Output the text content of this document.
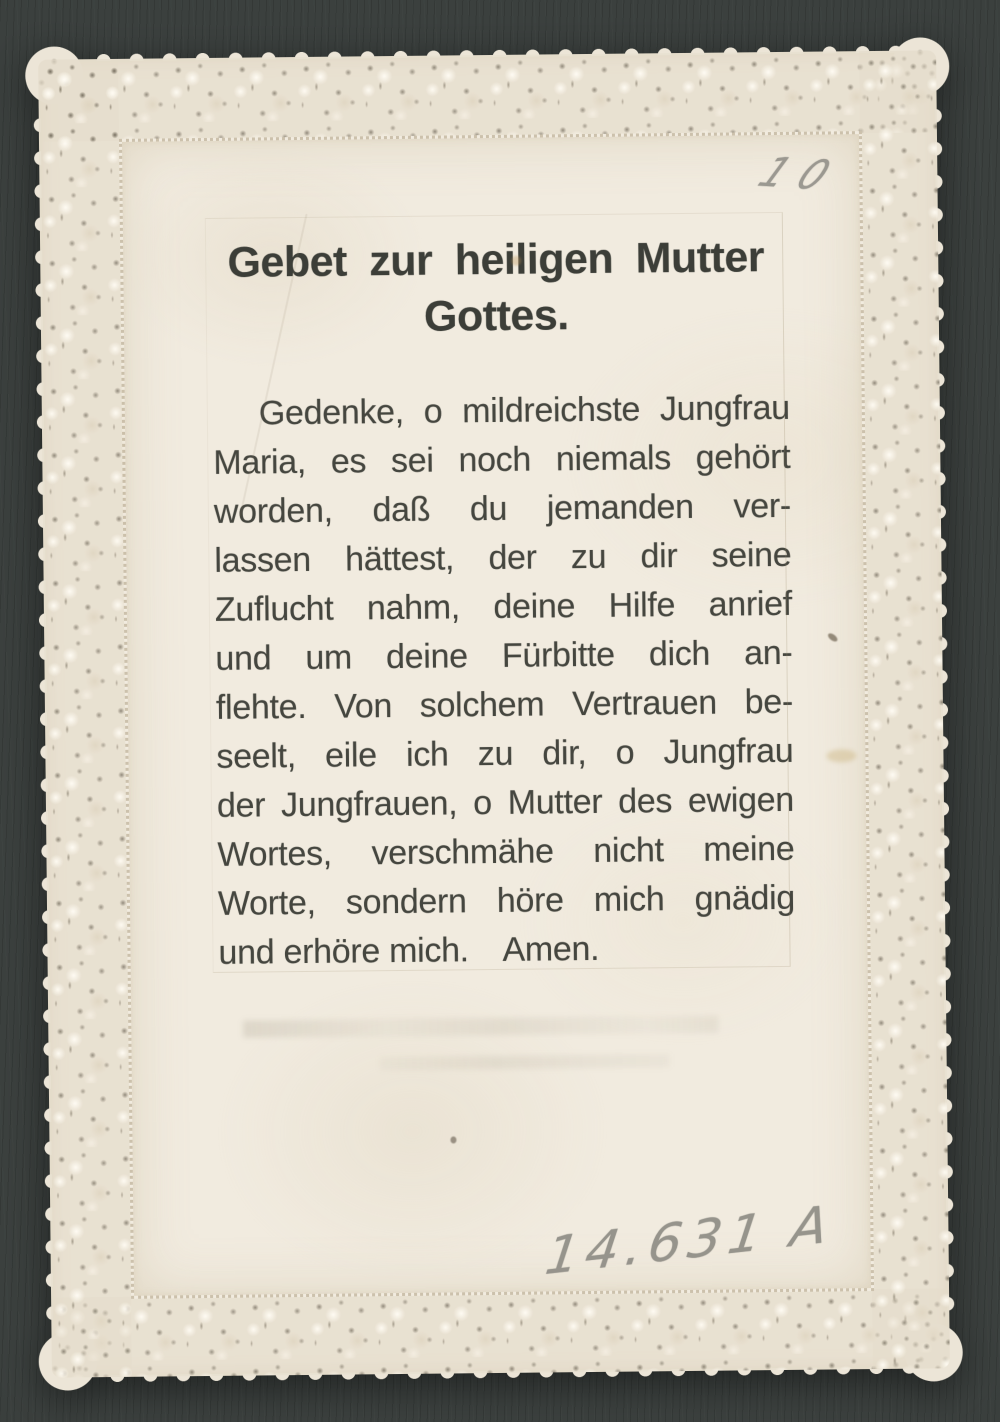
Gebet zur heiligen Mutter
Gottes.
Gedenke, o mildreichste Jungfrau
Maria, es sei noch niemals gehört
worden, daß du jemanden ver-
lassen hättest, der zu dir seine
Zuflucht nahm, deine Hilfe anrief
und um deine Fürbitte dich an-
flehte. Von solchem Vertrauen be-
seelt, eile ich zu dir, o Jungfrau
der Jungfrauen, o Mutter des ewigen
Wortes, verschmähe nicht meine
Worte, sondern höre mich gnädig
und erhöre mich. Amen.
10
14.631 A
